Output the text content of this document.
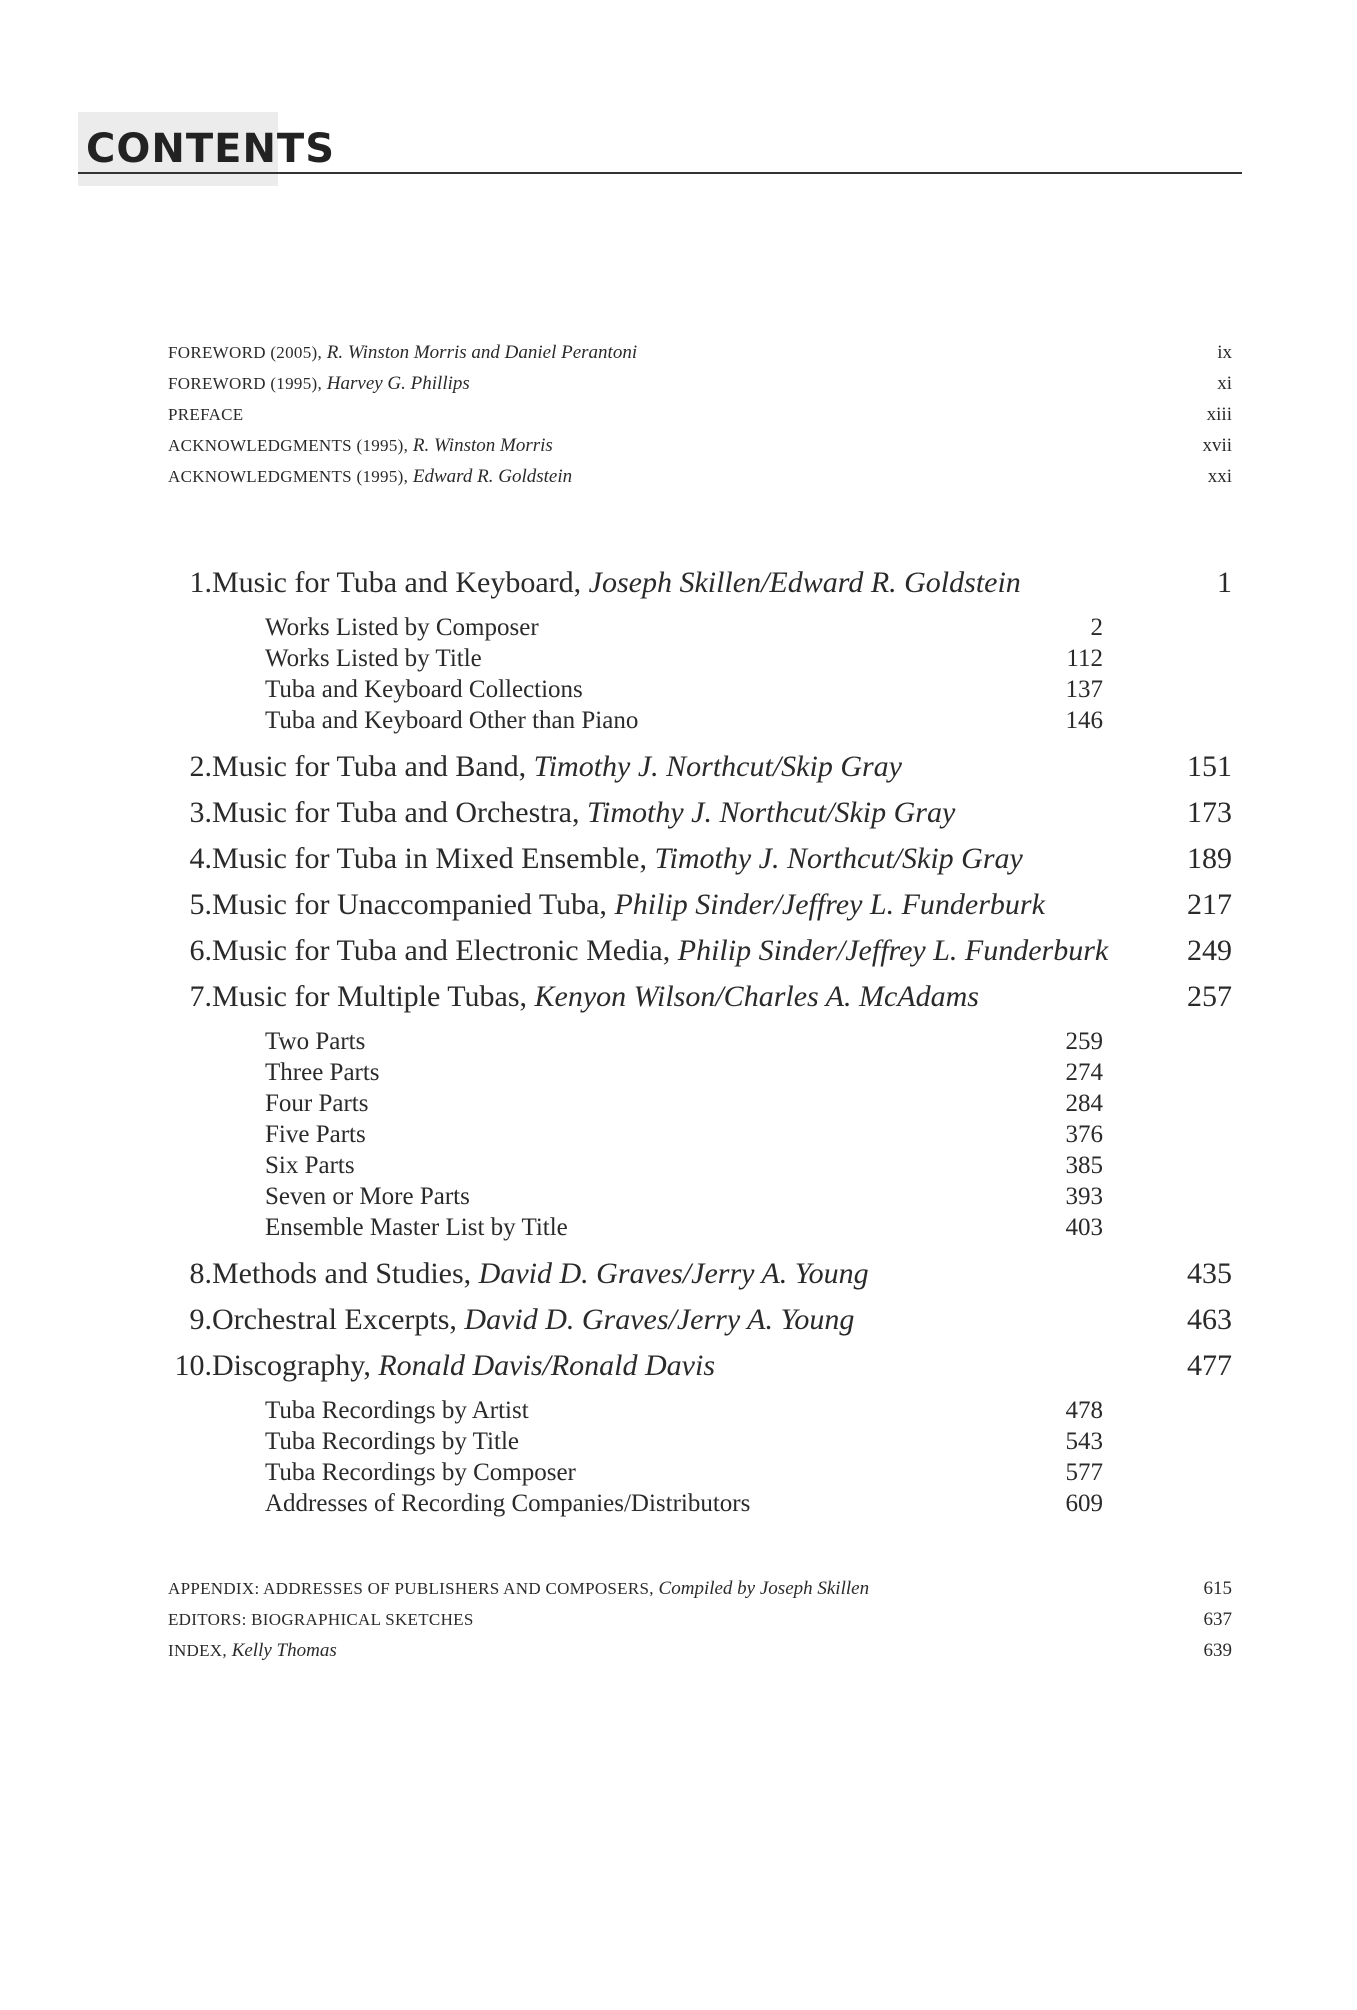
CONTENTS
FOREWORD (2005), R. Winston Morris and Daniel Perantoni	ix
FOREWORD (1995), Harvey G. Phillips	xi
PREFACE	xiii
ACKNOWLEDGMENTS (1995), R. Winston Morris	xvii
ACKNOWLEDGMENTS (1995), Edward R. Goldstein	xxi
1. Music for Tuba and Keyboard, Joseph Skillen/Edward R. Goldstein	1
Works Listed by Composer	2
Works Listed by Title	112
Tuba and Keyboard Collections	137
Tuba and Keyboard Other than Piano	146
2. Music for Tuba and Band, Timothy J. Northcut/Skip Gray	151
3. Music for Tuba and Orchestra, Timothy J. Northcut/Skip Gray	173
4. Music for Tuba in Mixed Ensemble, Timothy J. Northcut/Skip Gray	189
5. Music for Unaccompanied Tuba, Philip Sinder/Jeffrey L. Funderburk	217
6. Music for Tuba and Electronic Media, Philip Sinder/Jeffrey L. Funderburk	249
7. Music for Multiple Tubas, Kenyon Wilson/Charles A. McAdams	257
Two Parts	259
Three Parts	274
Four Parts	284
Five Parts	376
Six Parts	385
Seven or More Parts	393
Ensemble Master List by Title	403
8. Methods and Studies, David D. Graves/Jerry A. Young	435
9. Orchestral Excerpts, David D. Graves/Jerry A. Young	463
10. Discography, Ronald Davis/Ronald Davis	477
Tuba Recordings by Artist	478
Tuba Recordings by Title	543
Tuba Recordings by Composer	577
Addresses of Recording Companies/Distributors	609
APPENDIX: ADDRESSES OF PUBLISHERS AND COMPOSERS, Compiled by Joseph Skillen	615
EDITORS: BIOGRAPHICAL SKETCHES	637
INDEX, Kelly Thomas	639
